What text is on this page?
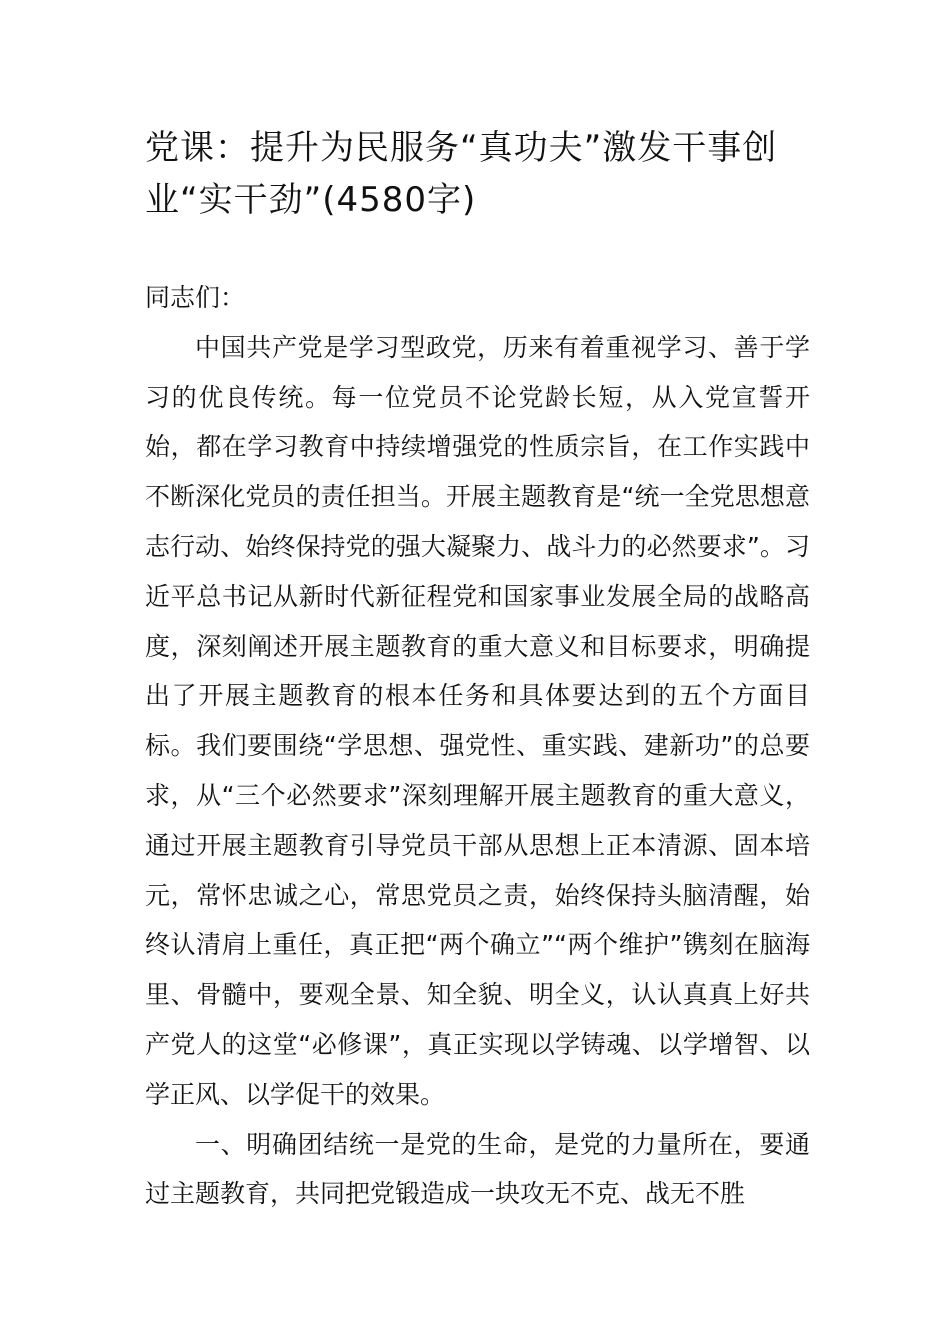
党课：提升为民服务“真功夫”激发干事创业“实干劲”(4580字)

同志们：

中国共产党是学习型政党，历来有着重视学习、善于学习的优良传统。每一位党员不论党龄长短，从入党宣誓开始，都在学习教育中持续增强党的性质宗旨，在工作实践中不断深化党员的责任担当。开展主题教育是“统一全党思想意志行动、始终保持党的强大凝聚力、战斗力的必然要求”。习近平总书记从新时代新征程党和国家事业发展全局的战略高度，深刻阐述开展主题教育的重大意义和目标要求，明确提出了开展主题教育的根本任务和具体要达到的五个方面目标。我们要围绕“学思想、强党性、重实践、建新功”的总要求，从“三个必然要求”深刻理解开展主题教育的重大意义，通过开展主题教育引导党员干部从思想上正本清源、固本培元，常怀忠诚之心，常思党员之责，始终保持头脑清醒，始终认清肩上重任，真正把“两个确立”“两个维护”镌刻在脑海里、骨髓中，要观全景、知全貌、明全义，认认真真上好共产党人的这堂“必修课”，真正实现以学铸魂、以学增智、以学正风、以学促干的效果。

一、明确团结统一是党的生命，是党的力量所在，要通过主题教育，共同把党锻造成一块攻无不克、战无不胜
